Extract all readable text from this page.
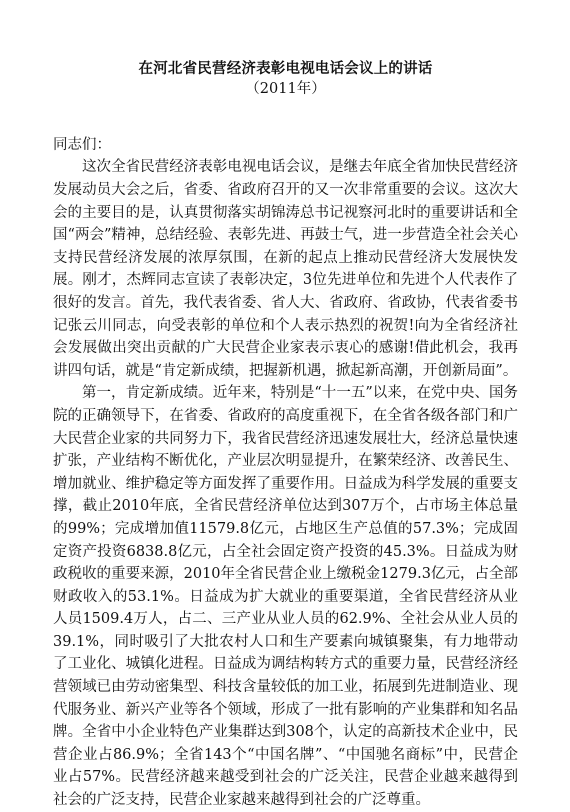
在河北省民营经济表彰电视电话会议上的讲话
（2011年）

同志们：

这次全省民营经济表彰电视电话会议，是继去年底全省加快民营经济发展动员大会之后，省委、省政府召开的又一次非常重要的会议。这次大会的主要目的是，认真贯彻落实胡锦涛总书记视察河北时的重要讲话和全国“两会”精神，总结经验、表彰先进、再鼓士气，进一步营造全社会关心支持民营经济发展的浓厚氛围，在新的起点上推动民营经济大发展快发展。刚才，杰辉同志宣读了表彰决定，3位先进单位和先进个人代表作了很好的发言。首先，我代表省委、省人大、省政府、省政协，代表省委书记张云川同志，向受表彰的单位和个人表示热烈的祝贺!向为全省经济社会发展做出突出贡献的广大民营企业家表示衷心的感谢!借此机会，我再讲四句话，就是“肯定新成绩，把握新机遇，掀起新高潮，开创新局面”。

第一，肯定新成绩。近年来，特别是“十一五”以来，在党中央、国务院的正确领导下，在省委、省政府的高度重视下，在全省各级各部门和广大民营企业家的共同努力下，我省民营经济迅速发展壮大，经济总量快速扩张，产业结构不断优化，产业层次明显提升，在繁荣经济、改善民生、增加就业、维护稳定等方面发挥了重要作用。日益成为科学发展的重要支撑，截止2010年底，全省民营经济单位达到307万个，占市场主体总量的99%；完成增加值11579.8亿元，占地区生产总值的57.3%；完成固定资产投资6838.8亿元，占全社会固定资产投资的45.3%。日益成为财政税收的重要来源，2010年全省民营企业上缴税金1279.3亿元，占全部财政收入的53.1%。日益成为扩大就业的重要渠道，全省民营经济从业人员1509.4万人，占二、三产业从业人员的62.9%、全社会从业人员的39.1%，同时吸引了大批农村人口和生产要素向城镇聚集，有力地带动了工业化、城镇化进程。日益成为调结构转方式的重要力量，民营经济经营领域已由劳动密集型、科技含量较低的加工业，拓展到先进制造业、现代服务业、新兴产业等各个领域，形成了一批有影响的产业集群和知名品牌。全省中小企业特色产业集群达到308个，认定的高新技术企业中，民营企业占86.9%；全省143个“中国名牌”、“中国驰名商标”中，民营企业占57%。民营经济越来越受到社会的广泛关注，民营企业越来越得到社会的广泛支持，民营企业家越来越得到社会的广泛尊重。
